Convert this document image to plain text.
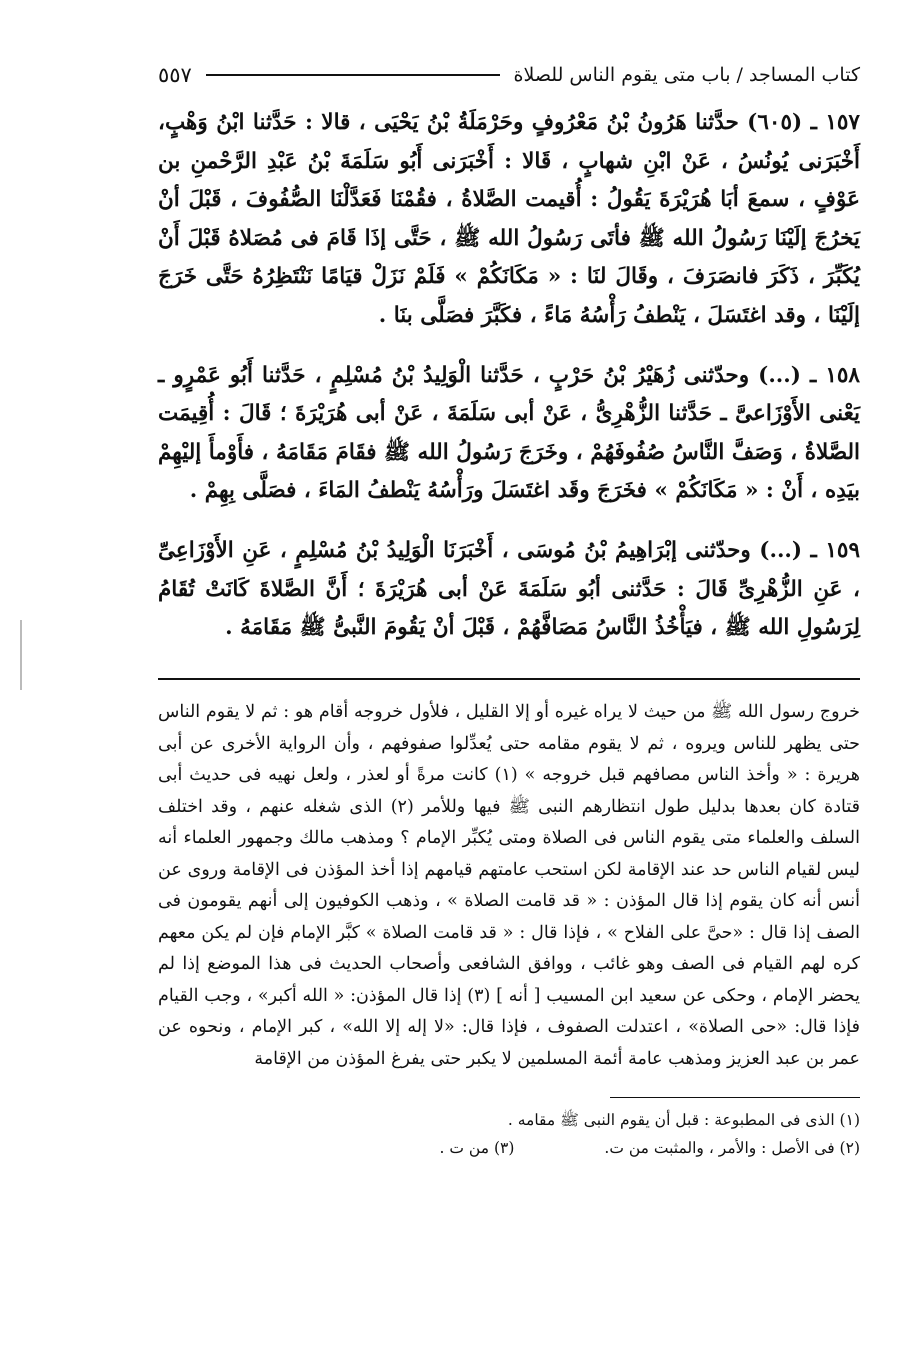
كتاب المساجد / باب متى يقوم الناس للصلاة
٥٥٧

١٥٧ ـ (٦٠٥) حدَّثنا هَرُونُ بْنُ مَعْرُوفٍ وحَرْمَلَةُ بْنُ يَحْيَى ، قالا : حَدَّثنا ابْنُ وَهْبٍ، أَخْبَرَنى يُونُسُ ، عَنْ ابْنِ شهابٍ ، قَالا : أَخْبَرَنى أَبُو سَلَمَةَ بْنُ عَبْدِ الرَّحْمنِ بن عَوْفٍ ، سمعَ أبَا هُرَيْرَةَ يَقُولُ : أُقيمت الصَّلاةُ ، فقُمْنَا فَعَدَّلْنَا الصُّفُوفَ ، قَبْلَ أنْ يَخرُجَ إلَيْنَا رَسُولُ الله ﷺ فأتَى رَسُولُ الله ﷺ ، حَتَّى إذَا قَامَ فى مُصَلاهُ قَبْلَ أَنْ يُكَبِّرَ ، ذَكَرَ فانصَرَفَ ، وقَالَ لنَا : « مَكَانَكُمْ » فَلَمْ نَزَلْ قيَامًا نَنْتَظِرُهُ حَتَّى خَرَجَ إلَيْنَا ، وقد اغتَسَلَ ، يَنْطفُ رَأْسُهُ مَاءً ، فكَبَّرَ فصَلَّى بنَا .

١٥٨ ـ (...) وحدّثنى زُهَيْرُ بْنُ حَرْبٍ ، حَدَّثنا الْوَلِيدُ بْنُ مُسْلِمٍ ، حَدَّثنا أَبُو عَمْرٍو ـ يَعْنى الأَوْزَاعىَّ ـ حَدَّثنا الزُّهْرِىُّ ، عَنْ أبى سَلَمَةَ ، عَنْ أبى هُرَيْرَةَ ؛ قَالَ : أُقِيمَت الصَّلاةُ ، وَصَفَّ النَّاسُ صُفُوفَهُمْ ، وخَرَجَ رَسُولُ الله ﷺ فقَامَ مَقَامَهُ ، فأَوْمأَ إليْهِمْ بيَدِه ، أَنْ : « مَكَانَكُمْ » فخَرَجَ وقَد اغتَسَلَ ورَأْسُهُ يَنْطفُ المَاءَ ، فصَلَّى بِهِمْ .

١٥٩ ـ (...) وحدّثنى إبْرَاهِيمُ بْنُ مُوسَى ، أَخْبَرَنَا الْوَلِيدُ بْنُ مُسْلِمٍ ، عَنِ الأَوْزَاعِىِّ ، عَنِ الزُّهْرِىِّ قَالَ : حَدَّثنى أبُو سَلَمَةَ عَنْ أبى هُرَيْرَةَ ؛ أَنَّ الصَّلاةَ كَانَتْ تُقَامُ لِرَسُولِ الله ﷺ ، فيَأْخُذُ النَّاسُ مَصَافَّهُمْ ، قَبْلَ أنْ يَقُومَ النَّبىُّ ﷺ مَقَامَهُ .

خروج رسول الله ﷺ من حيث لا يراه غيره أو إلا القليل ، فلأول خروجه أقام هو : ثم لا يقوم الناس حتى يظهر للناس ويروه ، ثم لا يقوم مقامه حتى يُعدِّلوا صفوفهم ، وأن الرواية الأخرى عن أبى هريرة : « وأخذ الناس مصافهم قبل خروجه » (١) كانت مرةً أو لعذر ، ولعل نهيه فى حديث أبى قتادة كان بعدها بدليل طول انتظارهم النبى ﷺ فيها وللأمر (٢) الذى شغله عنهم ، وقد اختلف السلف والعلماء متى يقوم الناس فى الصلاة ومتى يُكبِّر الإمام ؟ ومذهب مالك وجمهور العلماء أنه ليس لقيام الناس حد عند الإقامة لكن استحب عامتهم قيامهم إذا أخذ المؤذن فى الإقامة وروى عن أنس أنه كان يقوم إذا قال المؤذن : « قد قامت الصلاة » ، وذهب الكوفيون إلى أنهم يقومون فى الصف إذا قال : «حىَّ على الفلاح » ، فإذا قال : « قد قامت الصلاة » كبَّر الإمام فإن لم يكن معهم كره لهم القيام فى الصف وهو غائب ، ووافق الشافعى وأصحاب الحديث فى هذا الموضع إذا لم يحضر الإمام ، وحكى عن سعيد ابن المسيب [ أنه ] (٣) إذا قال المؤذن: « الله أكبر» ، وجب القيام فإذا قال: «حى الصلاة» ، اعتدلت الصفوف ، فإذا قال: «لا إله إلا الله» ، كبر الإمام ، ونحوه عن عمر بن عبد العزيز ومذهب عامة أئمة المسلمين لا يكبر حتى يفرغ المؤذن من الإقامة

(١) الذى فى المطبوعة : قبل أن يقوم النبى ﷺ مقامه .
(٢) فى الأصل : والأمر ، والمثبت من ت.
(٣) من ت .
